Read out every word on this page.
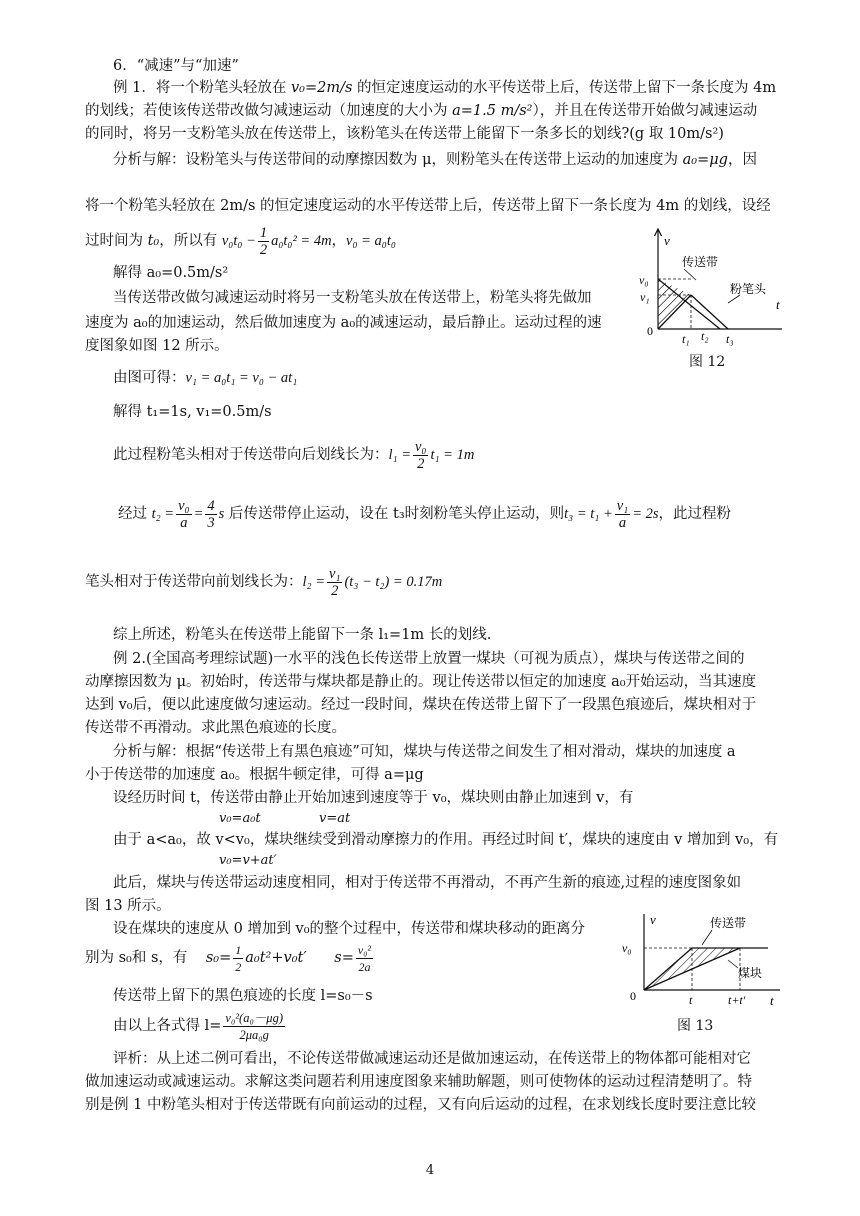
6．“减速”与“加速”
例 1．将一个粉笔头轻放在 v₀=2m/s 的恒定速度运动的水平传送带上后，传送带上留下一条长度为 4m
的划线；若使该传送带改做匀减速运动（加速度的大小为 a=1.5 m/s²），并且在传送带开始做匀减速运动
的同时，将另一支粉笔头放在传送带上，该粉笔头在传送带上能留下一条多长的划线?(g 取 10m/s²)
分析与解：设粉笔头与传送带间的动摩擦因数为 μ，则粉笔头在传送带上运动的加速度为 a₀=μg，因
将一个粉笔头轻放在 2m/s 的恒定速度运动的水平传送带上后，传送带上留下一条长度为 4m 的划线，设经
过时间为 t₀，所以有 $v_0t_0 - \frac{1}{2} a_0t_0^2 = 4m$，v₀ = a₀t₀
解得 a₀=0.5m/s²
当传送带改做匀减速运动时将另一支粉笔头放在传送带上，粉笔头将先做加
速度为 a₀的加速运动，然后做加速度为 a₀的减速运动，最后静止。运动过程的速
度图象如图 12 所示。
由图可得：v₁ = a₀t₁ = v₀ − at₁
解得 t₁=1s, v₁=0.5m/s
此过程粉笔头相对于传送带向后划线长为：$l_1 = \frac{\text{v₀}}{2} t_1 = 1m$
经过 $t_2 = \frac{\text{v₀}}{a} = \frac{4}{3}$ s 后传送带停止运动，设在 t₃时刻粉笔头停止运动，则$t_3 = t_1 + \frac{\text{v₁}}{a} = 2s$，此过程粉
笔头相对于传送带向前划线长为：$l_2 = \frac{\text{v₁}}{2} (t_3 - t_2) = 0.17m$
综上所述，粉笔头在传送带上能留下一条 l₁=1m 长的划线.
例 2.(全国高考理综试题)一水平的浅色长传送带上放置一煤块（可视为质点），煤块与传送带之间的
动摩擦因数为 μ。初始时，传送带与煤块都是静止的。现让传送带以恒定的加速度 a₀开始运动，当其速度
达到 v₀后，便以此速度做匀速运动。经过一段时间，煤块在传送带上留下了一段黑色痕迹后，煤块相对于
传送带不再滑动。求此黑色痕迹的长度。
分析与解：根据“传送带上有黑色痕迹”可知，煤块与传送带之间发生了相对滑动，煤块的加速度 a
小于传送带的加速度 a₀。根据牛顿定律，可得 a=μg
设经历时间 t，传送带由静止开始加速到速度等于 v₀，煤块则由静止加速到 v，有
v₀=a₀t	v=at
由于 a<a₀，故 v<v₀，煤块继续受到滑动摩擦力的作用。再经过时间 t′，煤块的速度由 v 增加到 v₀，有
v₀=v+at′
此后，煤块与传送带运动速度相同，相对于传送带不再滑动，不再产生新的痕迹,过程的速度图象如
图 13 所示。
设在煤块的速度从 0 增加到 v₀的整个过程中，传送带和煤块移动的距离分
别为 s₀和 s，有 $s_0= \frac{1}{2} a_0t^2+v_0t'$ $s= \frac{\text{v₀²}}{2a}$
传送带上留下的黑色痕迹的长度 l=s₀－s
由以上各式得 $l= \frac{\text{v₀²(a₀－μg)}}{\text{2μa₀g}}$
评析：从上述二例可看出，不论传送带做减速运动还是做加速运动，在传送带上的物体都可能相对它
做加速运动或减速运动。求解这类问题若利用速度图象来辅助解题，则可使物体的运动过程清楚明了。特
别是例 1 中粉笔头相对于传送带既有向前运动的过程，又有向后运动的过程，在求划线长度时要注意比较
4
v
t
v₀
v₁
0
t₁ t₂ t₃
传送带
粉笔头
图 12
v
t
v₀
0	t	t+t′
传送带
煤块
图 13
